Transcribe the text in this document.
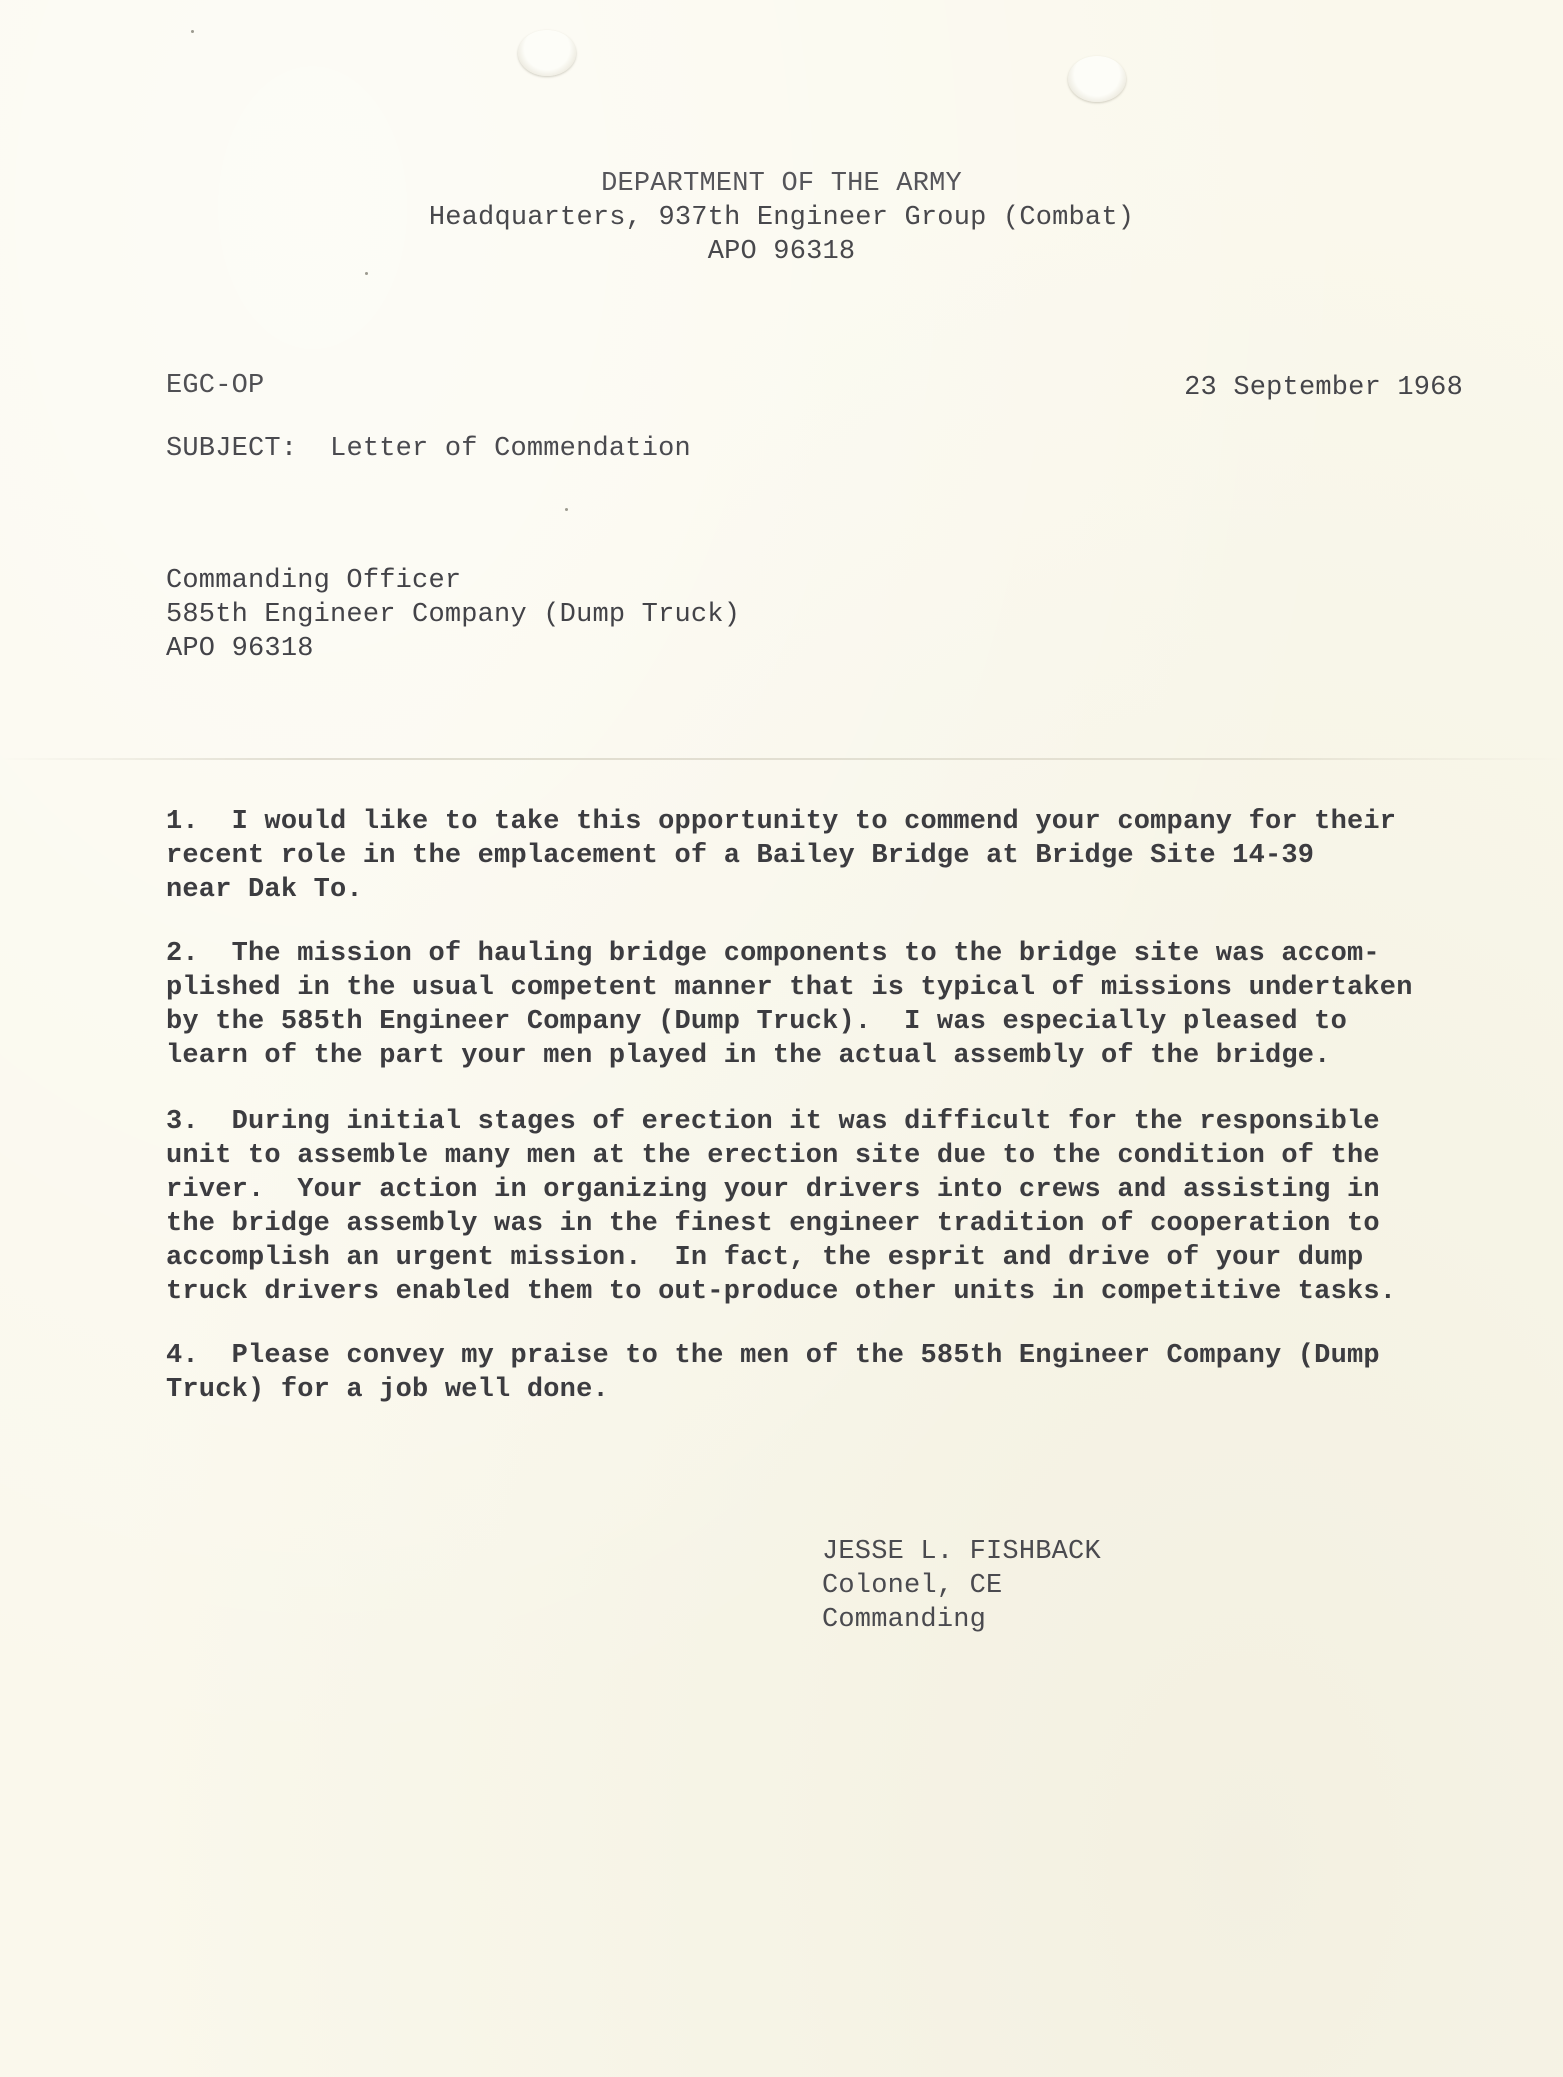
DEPARTMENT OF THE ARMY

Headquarters, 937th Engineer Group (Combat)

APO 96318

EGC-OP	23 September 1968

SUBJECT: Letter of Commendation

Commanding Officer

585th Engineer Company (Dump Truck)

APO 96318

1.  I would like to take this opportunity to commend your company for their

recent role in the emplacement of a Bailey Bridge at Bridge Site 14-39

near Dak To.

2.  The mission of hauling bridge components to the bridge site was accom-

plished in the usual competent manner that is typical of missions undertaken

by the 585th Engineer Company (Dump Truck).  I was especially pleased to

learn of the part your men played in the actual assembly of the bridge.

3.  During initial stages of erection it was difficult for the responsible

unit to assemble many men at the erection site due to the condition of the

river.  Your action in organizing your drivers into crews and assisting in

the bridge assembly was in the finest engineer tradition of cooperation to

accomplish an urgent mission.  In fact, the esprit and drive of your dump

truck drivers enabled them to out-produce other units in competitive tasks.

4.  Please convey my praise to the men of the 585th Engineer Company (Dump

Truck) for a job well done.

JESSE L. FISHBACK

Colonel, CE

Commanding
